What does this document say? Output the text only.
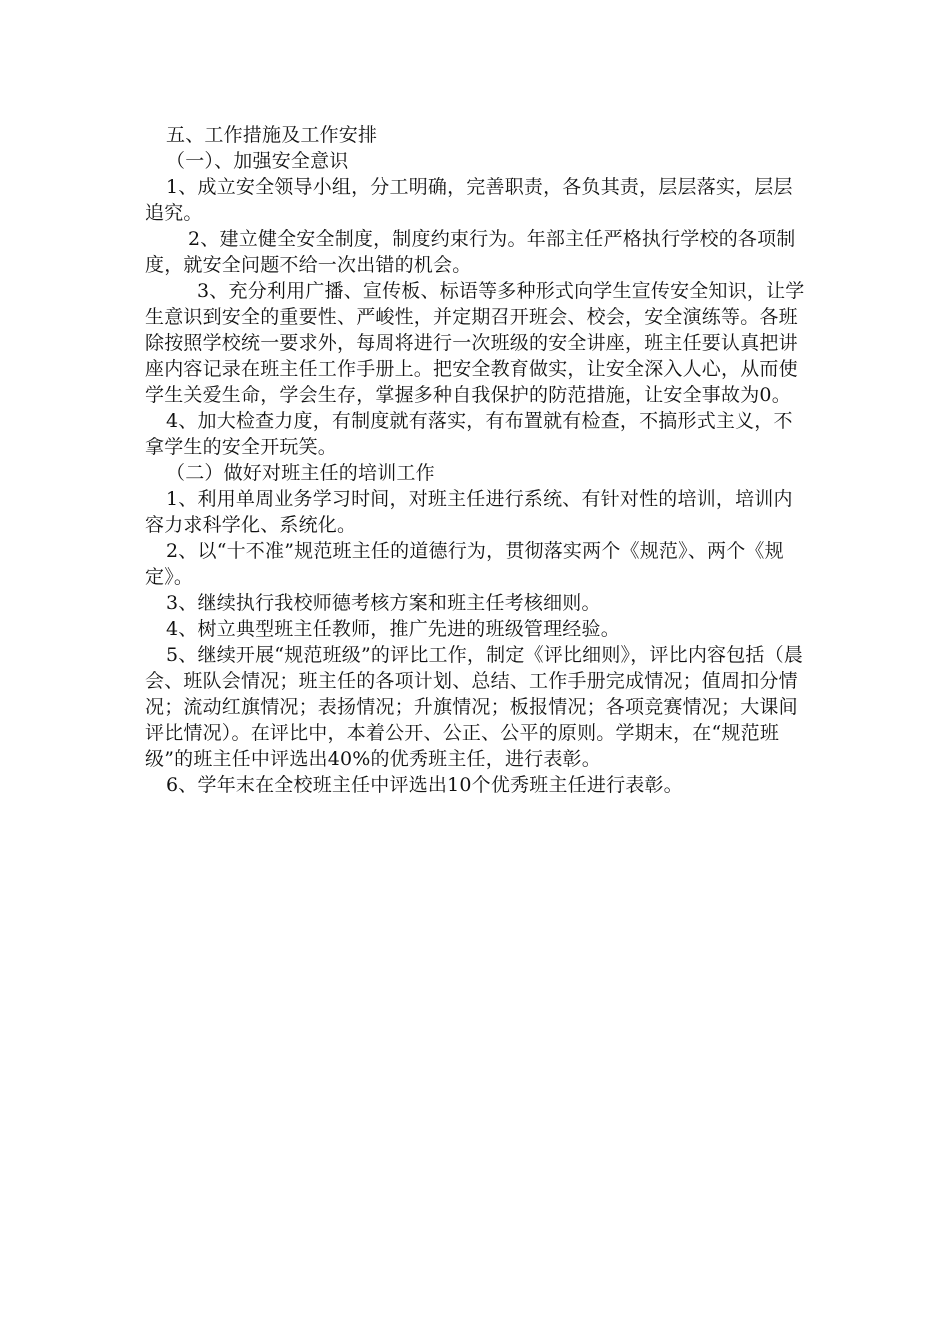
五、工作措施及工作安排

（一）、加强安全意识

1、成立安全领导小组，分工明确，完善职责，各负其责，层层落实，层层追究。

2、建立健全安全制度，制度约束行为。年部主任严格执行学校的各项制度，就安全问题不给一次出错的机会。

3、充分利用广播、宣传板、标语等多种形式向学生宣传安全知识，让学生意识到安全的重要性、严峻性，并定期召开班会、校会，安全演练等。各班除按照学校统一要求外，每周将进行一次班级的安全讲座，班主任要认真把讲座内容记录在班主任工作手册上。把安全教育做实，让安全深入人心，从而使学生关爱生命，学会生存，掌握多种自我保护的防范措施，让安全事故为0。

4、加大检查力度，有制度就有落实，有布置就有检查，不搞形式主义，不拿学生的安全开玩笑。

（二）做好对班主任的培训工作

1、利用单周业务学习时间，对班主任进行系统、有针对性的培训，培训内容力求科学化、系统化。

2、以“十不准”规范班主任的道德行为，贯彻落实两个《规范》、两个《规定》。

3、继续执行我校师德考核方案和班主任考核细则。

4、树立典型班主任教师，推广先进的班级管理经验。

5、继续开展“规范班级”的评比工作，制定《评比细则》，评比内容包括（晨会、班队会情况；班主任的各项计划、总结、工作手册完成情况；值周扣分情况；流动红旗情况；表扬情况；升旗情况；板报情况；各项竞赛情况；大课间评比情况）。在评比中，本着公开、公正、公平的原则。学期末，在“规范班级”的班主任中评选出40%的优秀班主任，进行表彰。

6、学年末在全校班主任中评选出10个优秀班主任进行表彰。
